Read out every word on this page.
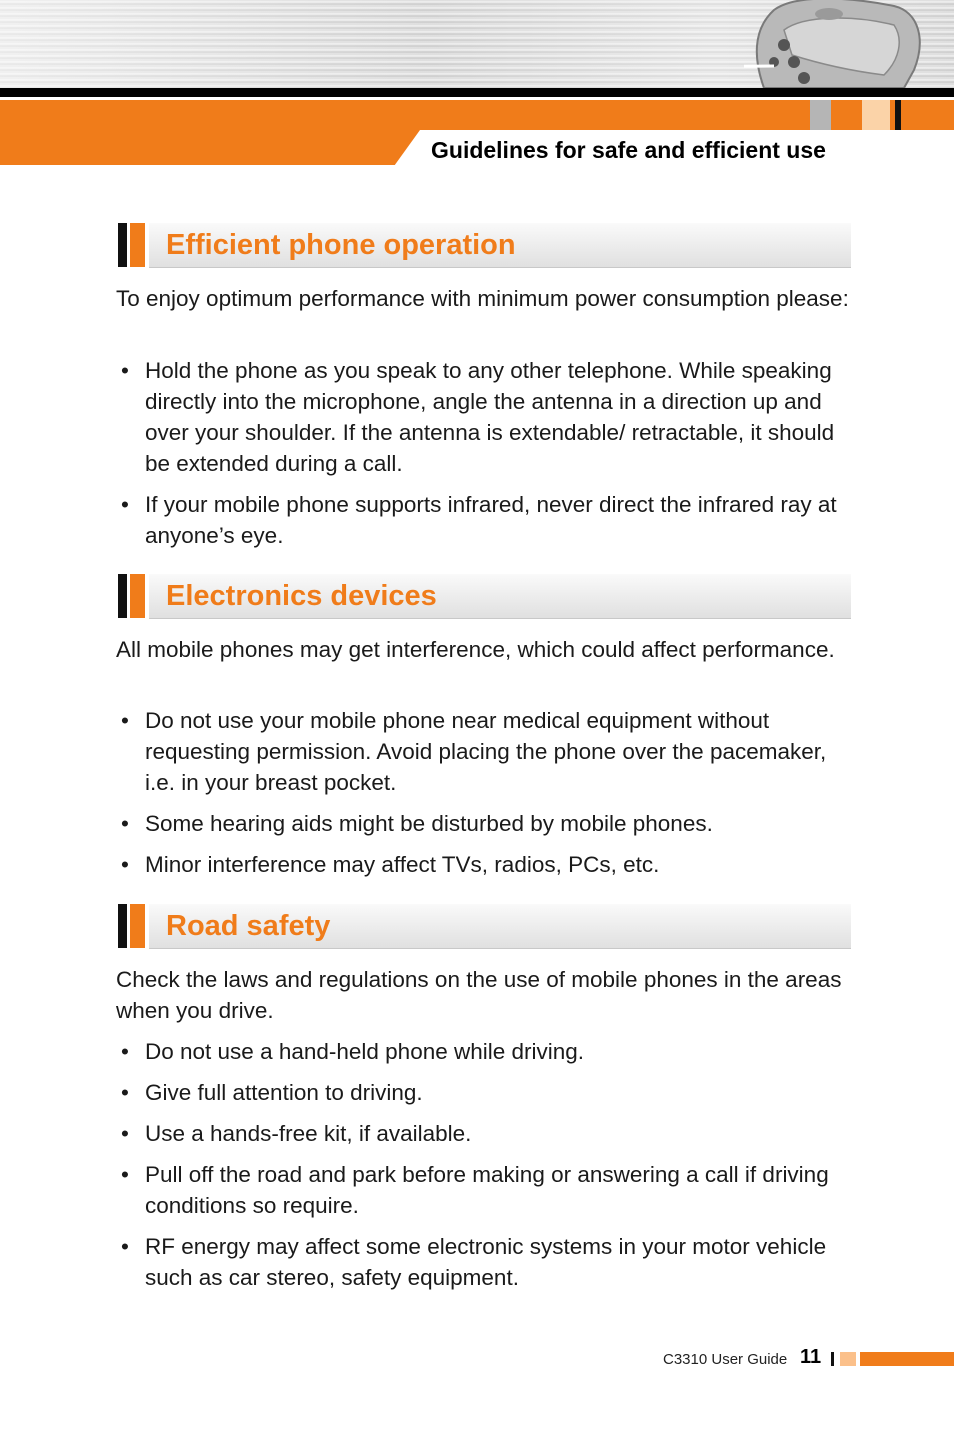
Guidelines for safe and efficient use
Efficient phone operation
To enjoy optimum performance with minimum power consumption please:
• Hold the phone as you speak to any other telephone. While speaking directly into the microphone, angle the antenna in a direction up and over your shoulder. If the antenna is extendable/ retractable, it should be extended during a call.
• If your mobile phone supports infrared, never direct the infrared ray at anyone’s eye.
Electronics devices
All mobile phones may get interference, which could affect performance.
• Do not use your mobile phone near medical equipment without requesting permission. Avoid placing the phone over the pacemaker, i.e. in your breast pocket.
• Some hearing aids might be disturbed by mobile phones.
• Minor interference may affect TVs, radios, PCs, etc.
Road safety
Check the laws and regulations on the use of mobile phones in the areas when you drive.
• Do not use a hand-held phone while driving.
• Give full attention to driving.
• Use a hands-free kit, if available.
• Pull off the road and park before making or answering a call if driving conditions so require.
• RF energy may affect some electronic systems in your motor vehicle such as car stereo, safety equipment.
C3310 User Guide 11
